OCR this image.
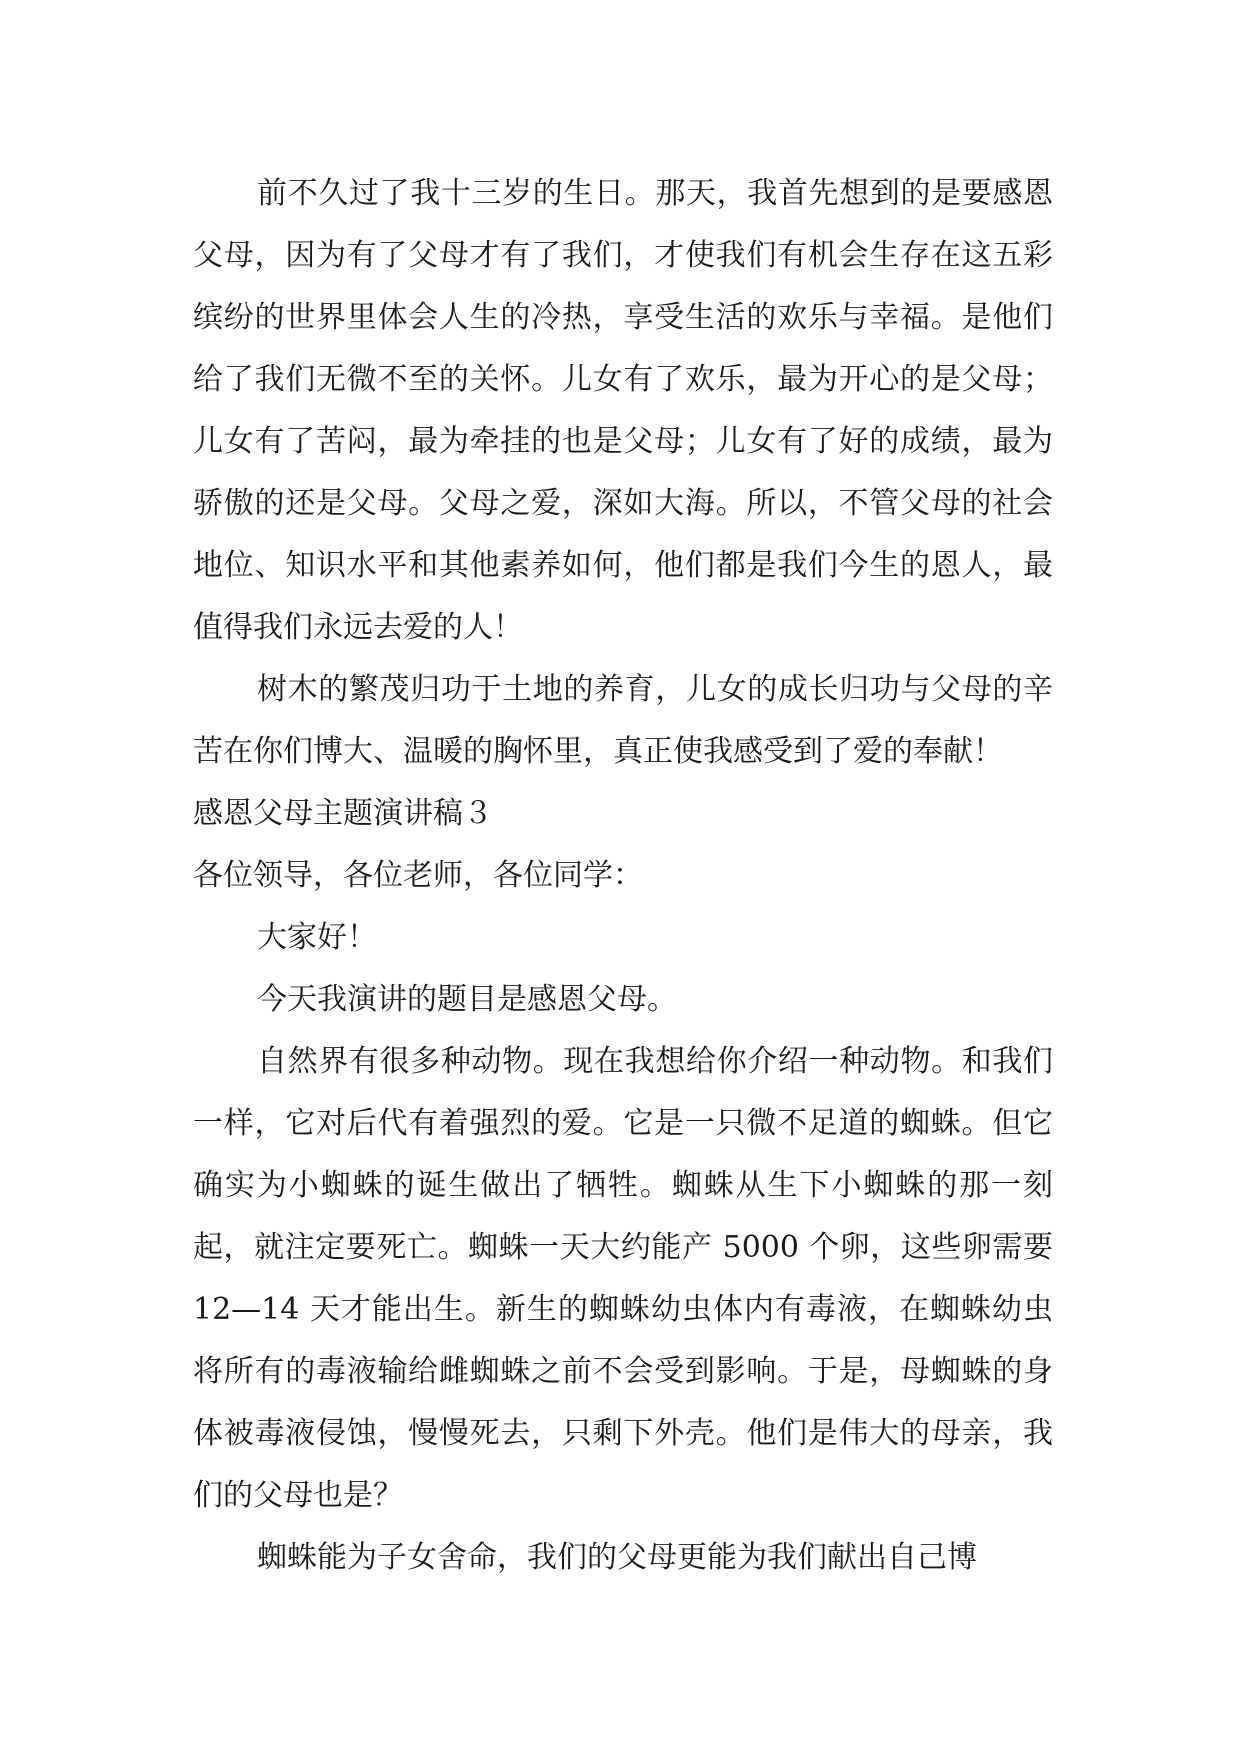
前不久过了我十三岁的生日。那天，我首先想到的是要感恩父母，因为有了父母才有了我们，才使我们有机会生存在这五彩缤纷的世界里体会人生的冷热，享受生活的欢乐与幸福。是他们给了我们无微不至的关怀。儿女有了欢乐，最为开心的是父母；儿女有了苦闷，最为牵挂的也是父母；儿女有了好的成绩，最为骄傲的还是父母。父母之爱，深如大海。所以，不管父母的社会地位、知识水平和其他素养如何，他们都是我们今生的恩人，最值得我们永远去爱的人！

树木的繁茂归功于土地的养育，儿女的成长归功与父母的辛苦在你们博大、温暖的胸怀里，真正使我感受到了爱的奉献！

感恩父母主题演讲稿３

各位领导，各位老师，各位同学：

大家好！

今天我演讲的题目是感恩父母。

自然界有很多种动物。现在我想给你介绍一种动物。和我们一样，它对后代有着强烈的爱。它是一只微不足道的蜘蛛。但它确实为小蜘蛛的诞生做出了牺牲。蜘蛛从生下小蜘蛛的那一刻起，就注定要死亡。蜘蛛一天大约能产 5000 个卵，这些卵需要 12—14 天才能出生。新生的蜘蛛幼虫体内有毒液，在蜘蛛幼虫将所有的毒液输给雌蜘蛛之前不会受到影响。于是，母蜘蛛的身体被毒液侵蚀，慢慢死去，只剩下外壳。他们是伟大的母亲，我们的父母也是？

蜘蛛能为子女舍命，我们的父母更能为我们献出自己博
